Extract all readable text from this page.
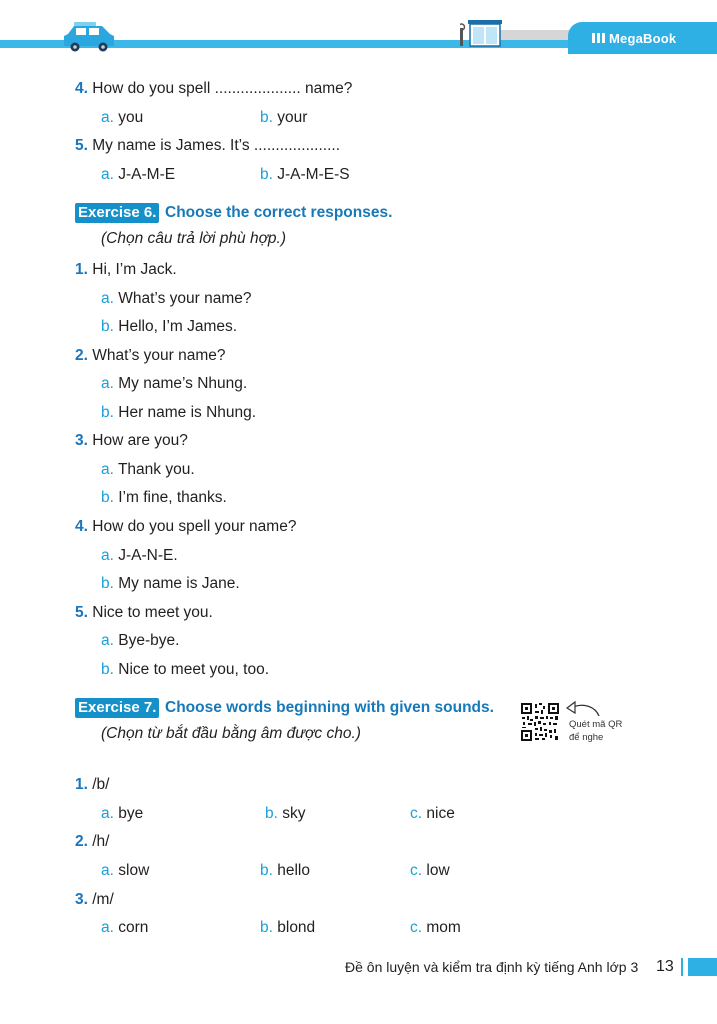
MegaBook
4. How do you spell .................... name?
a. you	b. your
5. My name is James. It’s ....................
a. J-A-M-E	b. J-A-M-E-S
Exercise 6. Choose the correct responses.
(Chọn câu trả lời phù hợp.)
1. Hi, I’m Jack.
a. What’s your name?
b. Hello, I’m James.
2. What’s your name?
a. My name’s Nhung.
b. Her name is Nhung.
3. How are you?
a. Thank you.
b. I’m fine, thanks.
4. How do you spell your name?
a. J-A-N-E.
b. My name is Jane.
5. Nice to meet you.
a. Bye-bye.
b. Nice to meet you, too.
Exercise 7. Choose words beginning with given sounds.
(Chọn từ bắt đầu bằng âm được cho.)
Quét mã QR
để nghe
1. /b/
a. bye	b. sky	c. nice
2. /h/
a. slow	b. hello	c. low
3. /m/
a. corn	b. blond	c. mom
Đề ôn luyện và kiểm tra định kỳ tiếng Anh lớp 3 13
